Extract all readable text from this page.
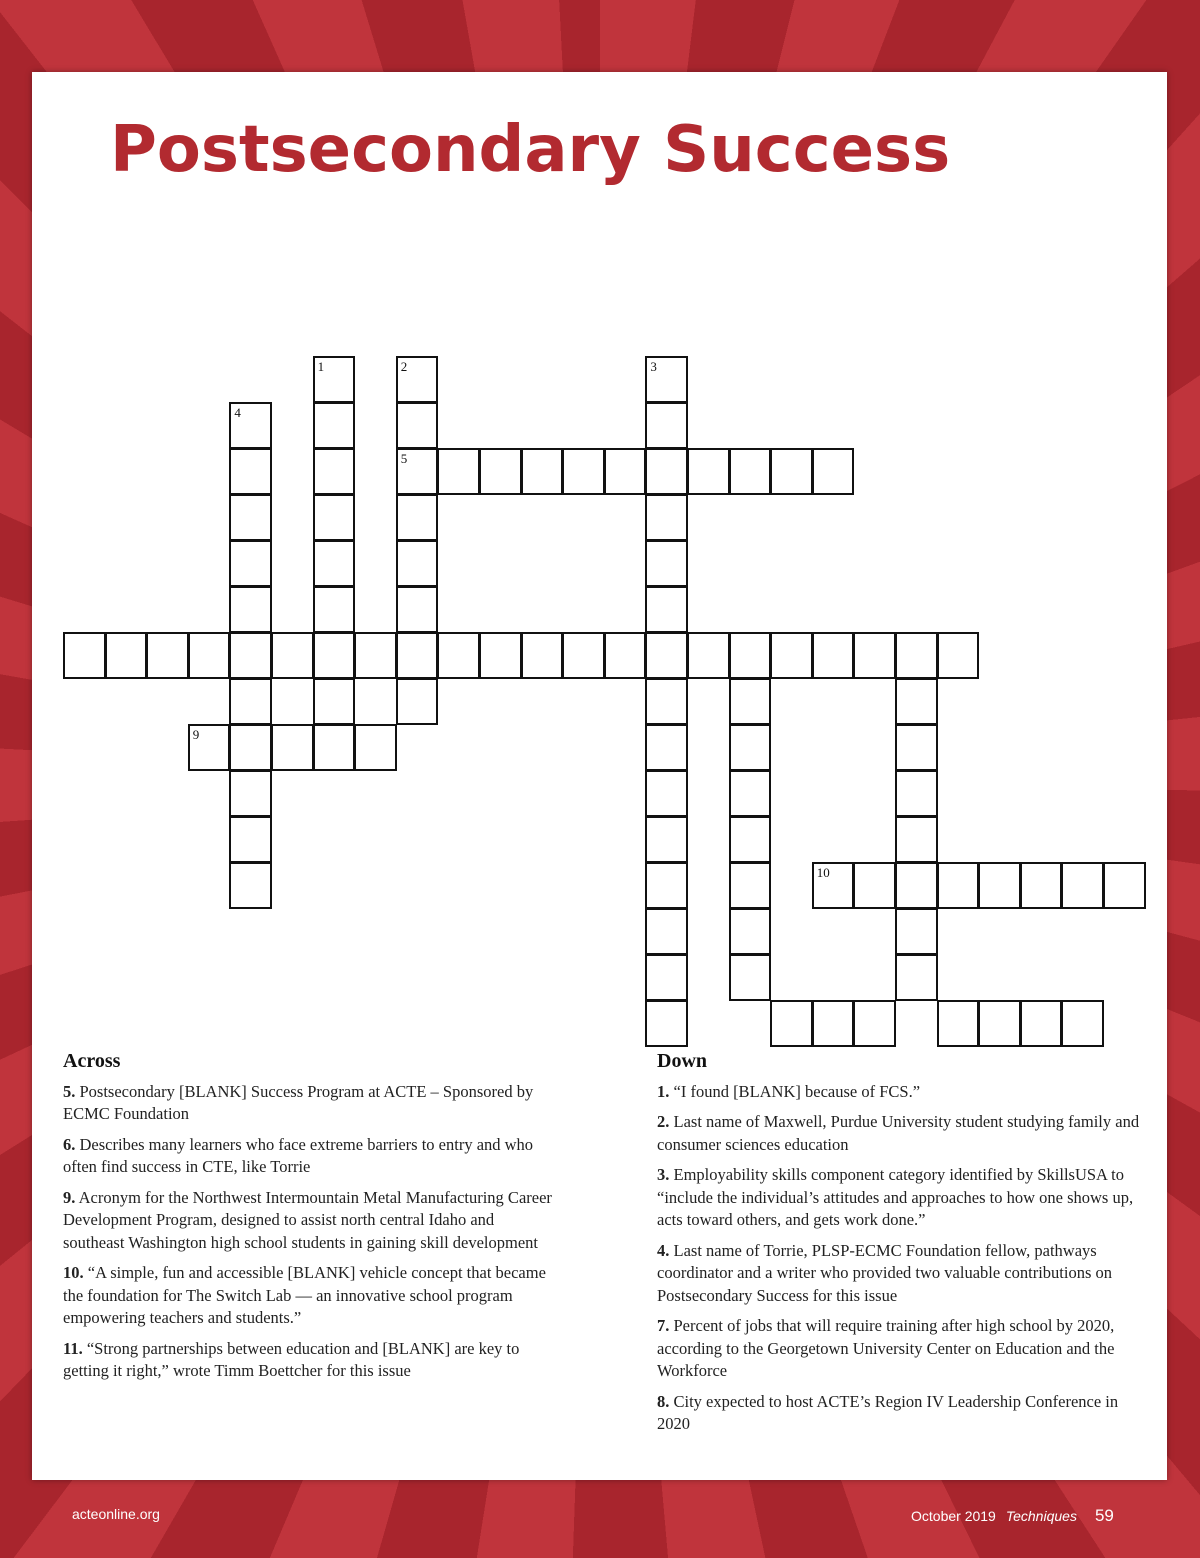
Postsecondary Success
1	2
5
3
4
9
10
Across
5. Postsecondary [BLANK] Success Program at ACTE – Sponsored by ECMC Foundation
6. Describes many learners who face extreme barriers to entry and who often find success in CTE, like Torrie
9. Acronym for the Northwest Intermountain Metal Manufacturing Career Development Program, designed to assist north central Idaho and southeast Washington high school students in gaining skill development
10. “A simple, fun and accessible [BLANK] vehicle concept that became the foundation for The Switch Lab — an innovative school program empowering teachers and students.”
11. “Strong partnerships between education and [BLANK] are key to getting it right,” wrote Timm Boettcher for this issue
Down
1. “I found [BLANK] because of FCS.”
2. Last name of Maxwell, Purdue University student studying family and consumer sciences education
3. Employability skills component category identified by SkillsUSA to “include the individual’s attitudes and approaches to how one shows up, acts toward others, and gets work done.”
4. Last name of Torrie, PLSP-ECMC Foundation fellow, pathways coordinator and a writer who provided two valuable contributions on Postsecondary Success for this issue
7. Percent of jobs that will require training after high school by 2020, according to the Georgetown University Center on Education and the Workforce
8. City expected to host ACTE’s Region IV Leadership Conference in 2020
acteonline.org	October 2019 Techniques 59
